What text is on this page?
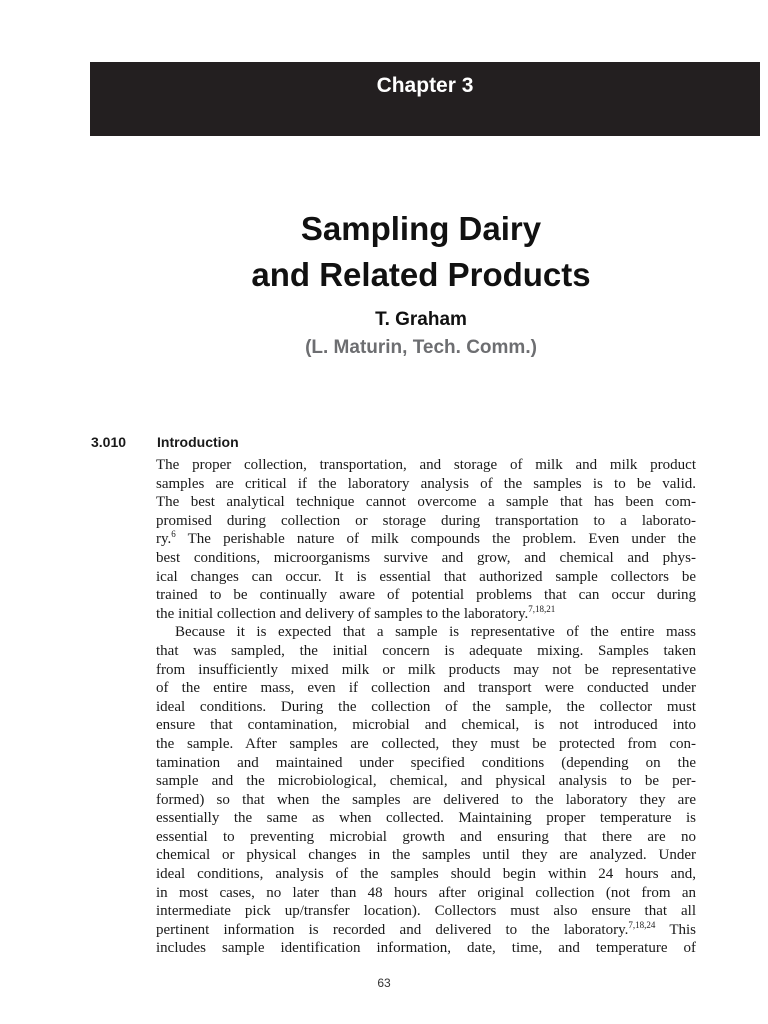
Chapter 3
Sampling Dairy
and Related Products
T. Graham
(L. Maturin, Tech. Comm.)
3.010 Introduction
The proper collection, transportation, and storage of milk and milk product
samples are critical if the laboratory analysis of the samples is to be valid.
The best analytical technique cannot overcome a sample that has been com-
promised during collection or storage during transportation to a laborato-
ry.$^6$ The perishable nature of milk compounds the problem. Even under the
best conditions, microorganisms survive and grow, and chemical and phys-
ical changes can occur. It is essential that authorized sample collectors be
trained to be continually aware of potential problems that can occur during
the initial collection and delivery of samples to the laboratory.$^{7,18,21}$
Because it is expected that a sample is representative of the entire mass
that was sampled, the initial concern is adequate mixing. Samples taken
from insufficiently mixed milk or milk products may not be representative
of the entire mass, even if collection and transport were conducted under
ideal conditions. During the collection of the sample, the collector must
ensure that contamination, microbial and chemical, is not introduced into
the sample. After samples are collected, they must be protected from con-
tamination and maintained under specified conditions (depending on the
sample and the microbiological, chemical, and physical analysis to be per-
formed) so that when the samples are delivered to the laboratory they are
essentially the same as when collected. Maintaining proper temperature is
essential to preventing microbial growth and ensuring that there are no
chemical or physical changes in the samples until they are analyzed. Under
ideal conditions, analysis of the samples should begin within 24 hours and,
in most cases, no later than 48 hours after original collection (not from an
intermediate pick up/transfer location). Collectors must also ensure that all
pertinent information is recorded and delivered to the laboratory.$^{7,18,24}$ This
includes sample identification information, date, time, and temperature of
63
